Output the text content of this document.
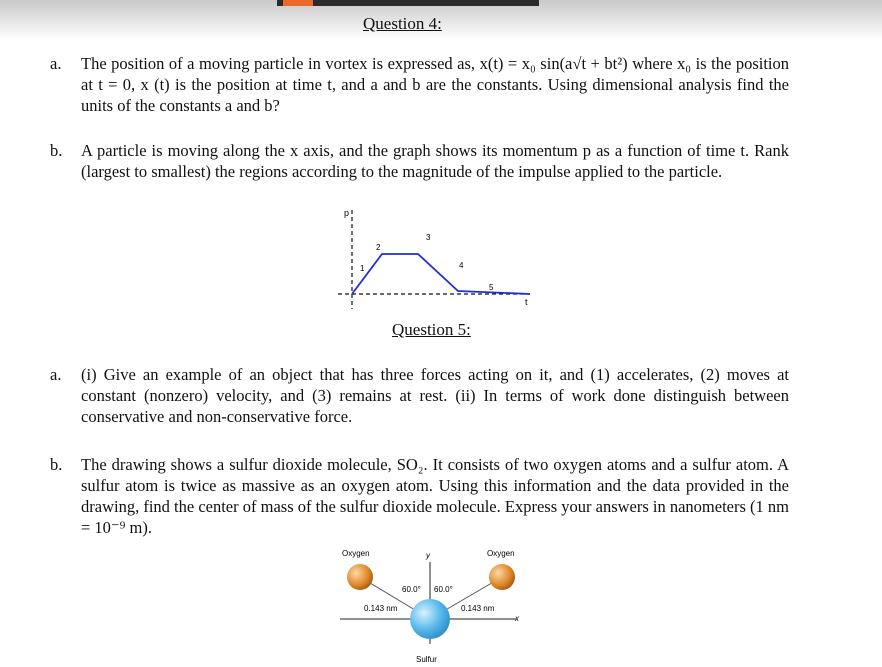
Question 4:
a. The position of a moving particle in vortex is expressed as, x(t) = x₀ sin(a√t + bt²) where x₀ is the position at t = 0, x (t) is the position at time t, and a and b are the constants. Using dimensional analysis find the units of the constants a and b?
b. A particle is moving along the x axis, and the graph shows its momentum p as a function of time t. Rank (largest to smallest) the regions according to the magnitude of the impulse applied to the particle.
p
t
1
2
3
4
5
Question 5:
a. (i) Give an example of an object that has three forces acting on it, and (1) accelerates, (2) moves at constant (nonzero) velocity, and (3) remains at rest. (ii) In terms of work done distinguish between conservative and non-conservative force.
b. The drawing shows a sulfur dioxide molecule, SO₂. It consists of two oxygen atoms and a sulfur atom. A sulfur atom is twice as massive as an oxygen atom. Using this information and the data provided in the drawing, find the center of mass of the sulfur dioxide molecule. Express your answers in nanometers (1 nm = 10⁻⁹ m).
Oxygen	Oxygen
y
x
60.0° 60.0°
0.143 nm	0.143 nm
Sulfur
